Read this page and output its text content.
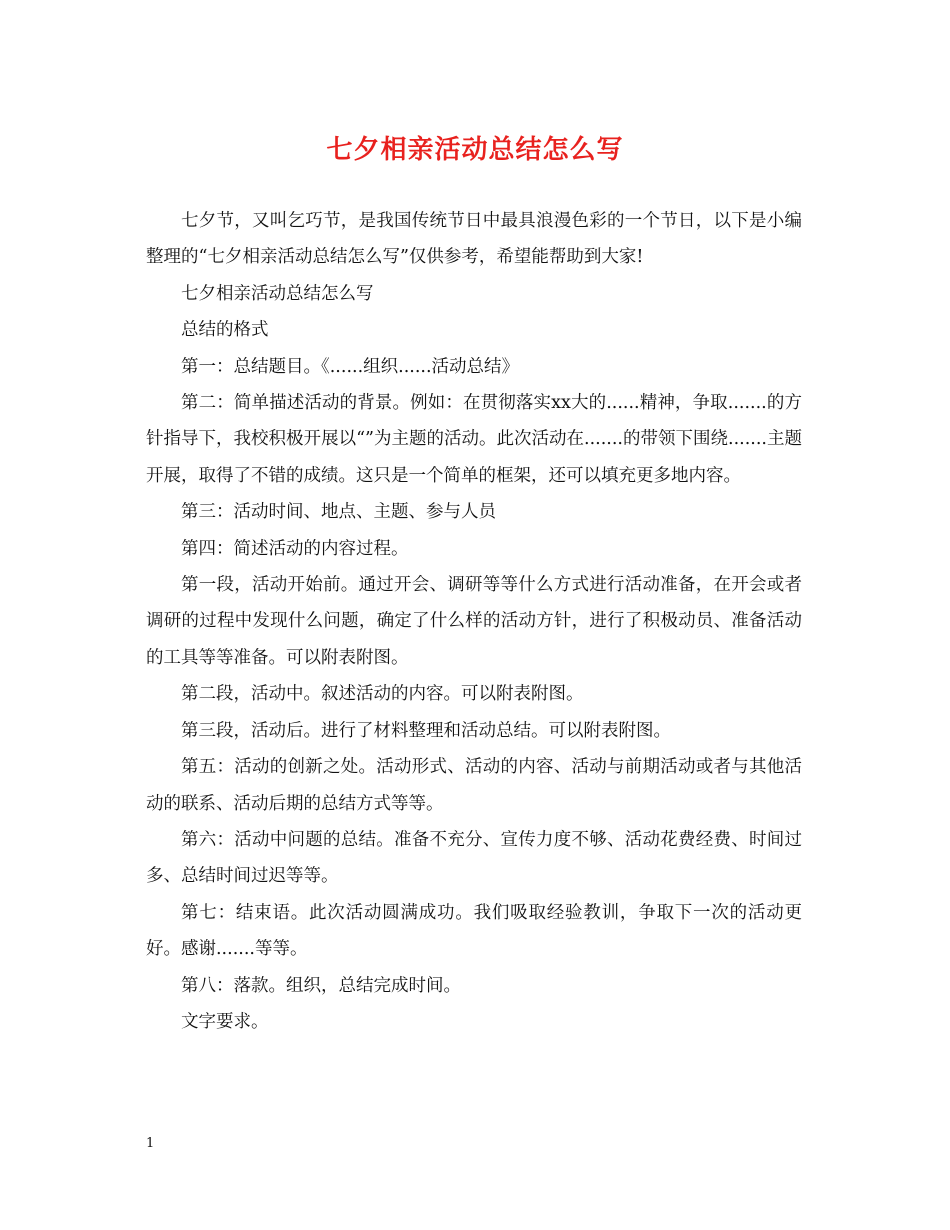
七夕相亲活动总结怎么写

七夕节，又叫乞巧节，是我国传统节日中最具浪漫色彩的一个节日，以下是小编整理的“七夕相亲活动总结怎么写”仅供参考，希望能帮助到大家!

七夕相亲活动总结怎么写

总结的格式

第一：总结题目。《......组织......活动总结》

第二：简单描述活动的背景。例如：在贯彻落实xx大的......精神，争取.......的方针指导下，我校积极开展以“”为主题的活动。此次活动在.......的带领下围绕.......主题开展，取得了不错的成绩。这只是一个简单的框架，还可以填充更多地内容。

第三：活动时间、地点、主题、参与人员

第四：简述活动的内容过程。

第一段，活动开始前。通过开会、调研等等什么方式进行活动准备，在开会或者调研的过程中发现什么问题，确定了什么样的活动方针，进行了积极动员、准备活动的工具等等准备。可以附表附图。

第二段，活动中。叙述活动的内容。可以附表附图。

第三段，活动后。进行了材料整理和活动总结。可以附表附图。

第五：活动的创新之处。活动形式、活动的内容、活动与前期活动或者与其他活动的联系、活动后期的总结方式等等。

第六：活动中问题的总结。准备不充分、宣传力度不够、活动花费经费、时间过多、总结时间过迟等等。

第七：结束语。此次活动圆满成功。我们吸取经验教训，争取下一次的活动更好。感谢.......等等。

第八：落款。组织，总结完成时间。

文字要求。

1
